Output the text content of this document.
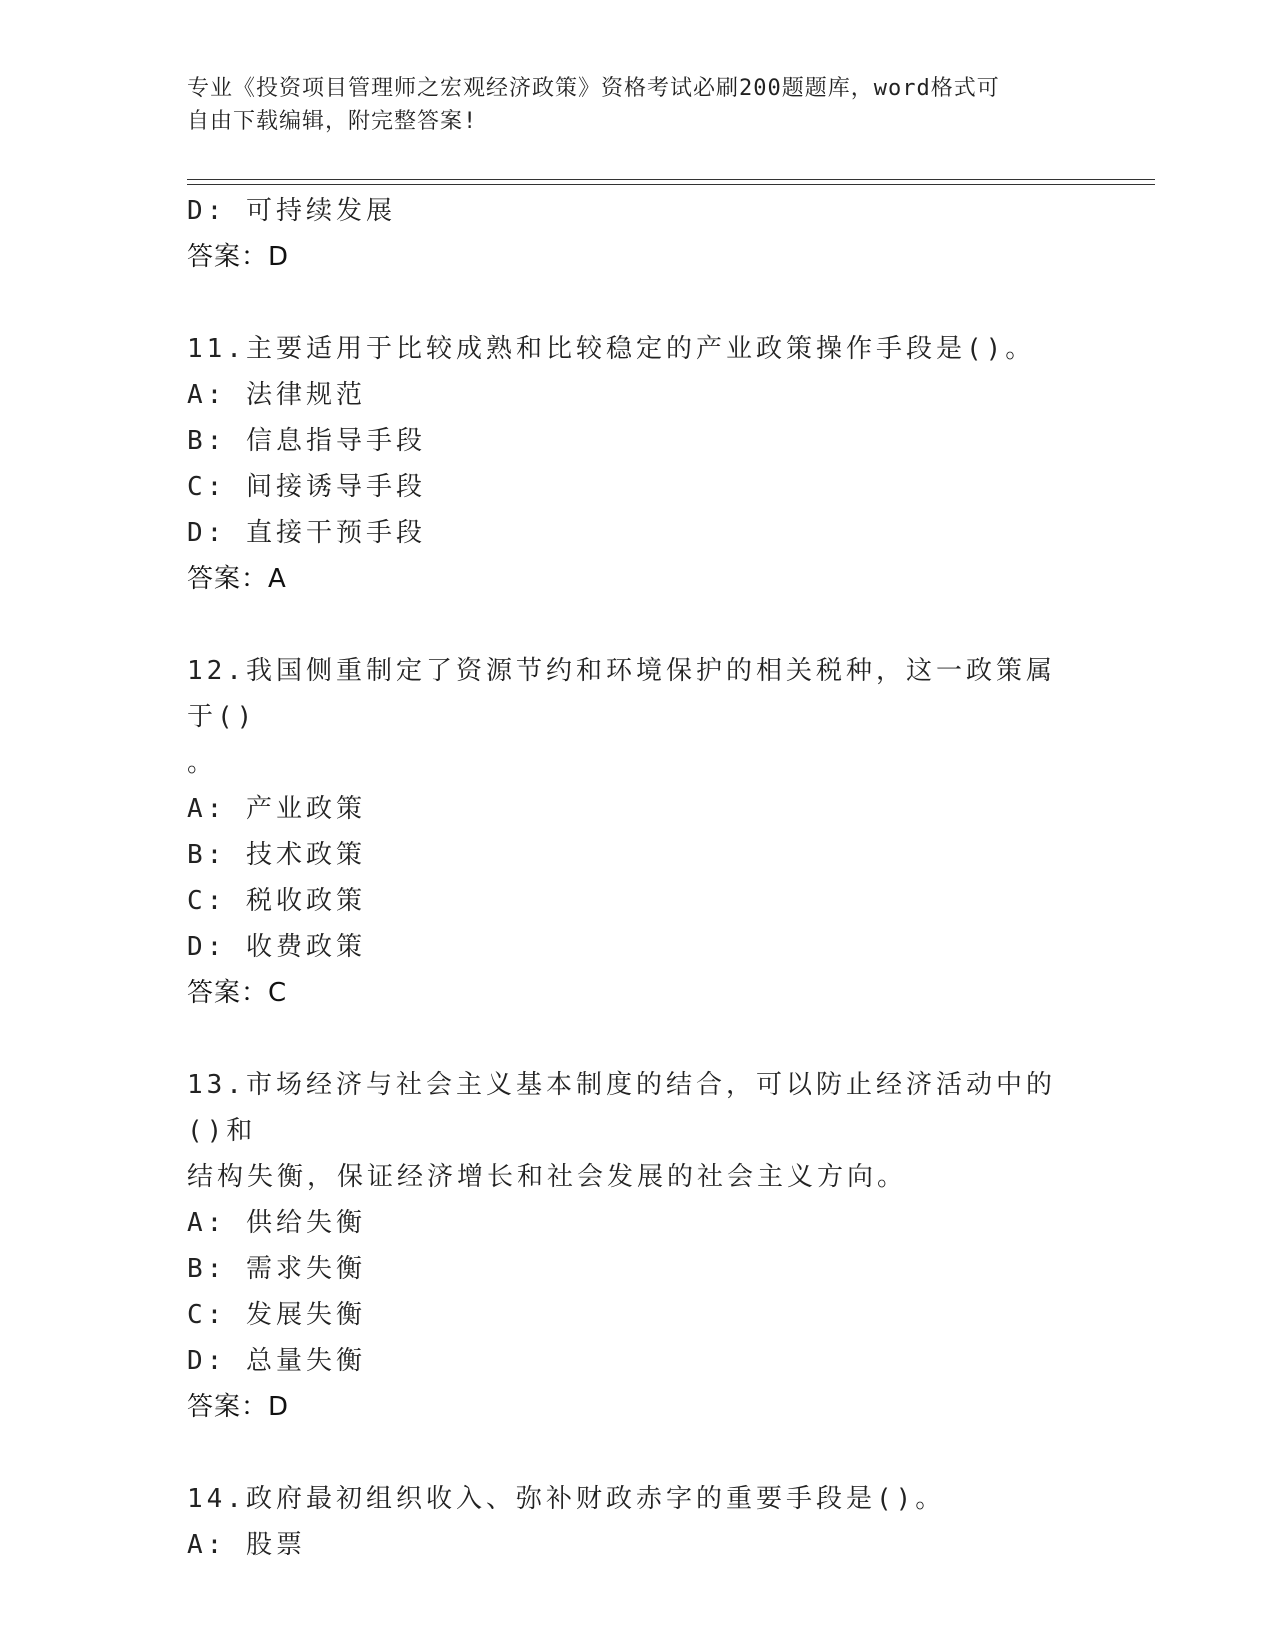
专业《投资项目管理师之宏观经济政策》资格考试必刷200题题库，word格式可
自由下载编辑，附完整答案!
D: 可持续发展
答案：D
11.主要适用于比较成熟和比较稳定的产业政策操作手段是()。
A: 法律规范
B: 信息指导手段
C: 间接诱导手段
D: 直接干预手段
答案：A
12.我国侧重制定了资源节约和环境保护的相关税种，这一政策属于()
。
A: 产业政策
B: 技术政策
C: 税收政策
D: 收费政策
答案：C
13.市场经济与社会主义基本制度的结合，可以防止经济活动中的()和
结构失衡，保证经济增长和社会发展的社会主义方向。
A: 供给失衡
B: 需求失衡
C: 发展失衡
D: 总量失衡
答案：D
14.政府最初组织收入、弥补财政赤字的重要手段是()。
A: 股票
